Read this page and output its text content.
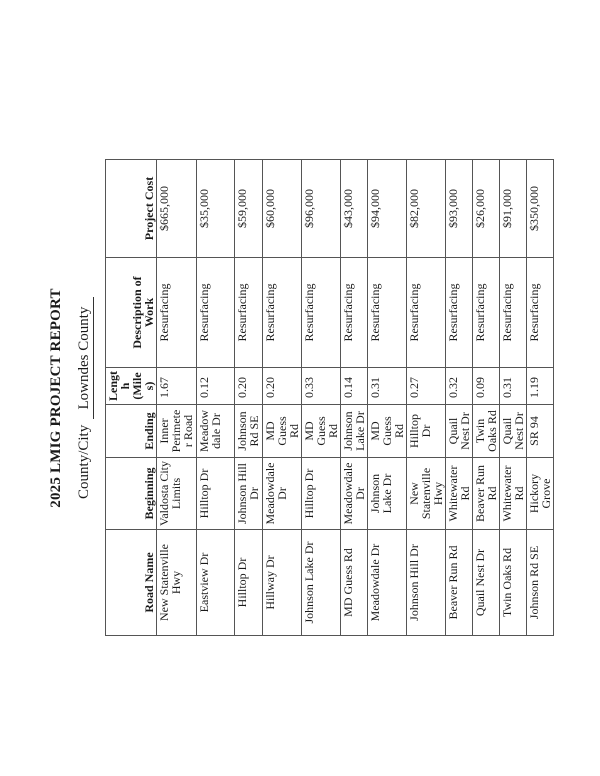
2025 LMIG PROJECT REPORT County/City Lowndes County
Road Name	Beginning	Ending	Length (Miles)	Description of Work	Project Cost
New Statenville Hwy	Valdosta City Limits	Inner Perimeter Road	1.67	Resurfacing	$665,000
Eastview Dr	Hilltop Dr	Meadowdale Dr	0.12	Resurfacing	$35,000
Hilltop Dr	Johnson Hill Dr	Johnson Rd SE	0.20	Resurfacing	$59,000
Hillway Dr	Meadowdale Dr	MD Guess Rd	0.20	Resurfacing	$60,000
Johnson Lake Dr	Hilltop Dr	MD Guess Rd	0.33	Resurfacing	$96,000
MD Guess Rd	Meadowdale Dr	Johnson Lake Dr	0.14	Resurfacing	$43,000
Meadowdale Dr	Johnson Lake Dr	MD Guess Rd	0.31	Resurfacing	$94,000
Johnson Hill Dr	New Statenville Hwy	Hilltop Dr	0.27	Resurfacing	$82,000
Beaver Run Rd	Whitewater Rd	Quail Nest Dr	0.32	Resurfacing	$93,000
Quail Nest Dr	Beaver Run Rd	Twin Oaks Rd	0.09	Resurfacing	$26,000
Twin Oaks Rd	Whitewater Rd	Quail Nest Dr	0.31	Resurfacing	$91,000
Johnson Rd SE	Hickory Grove	SR 94	1.19	Resurfacing	$350,000
